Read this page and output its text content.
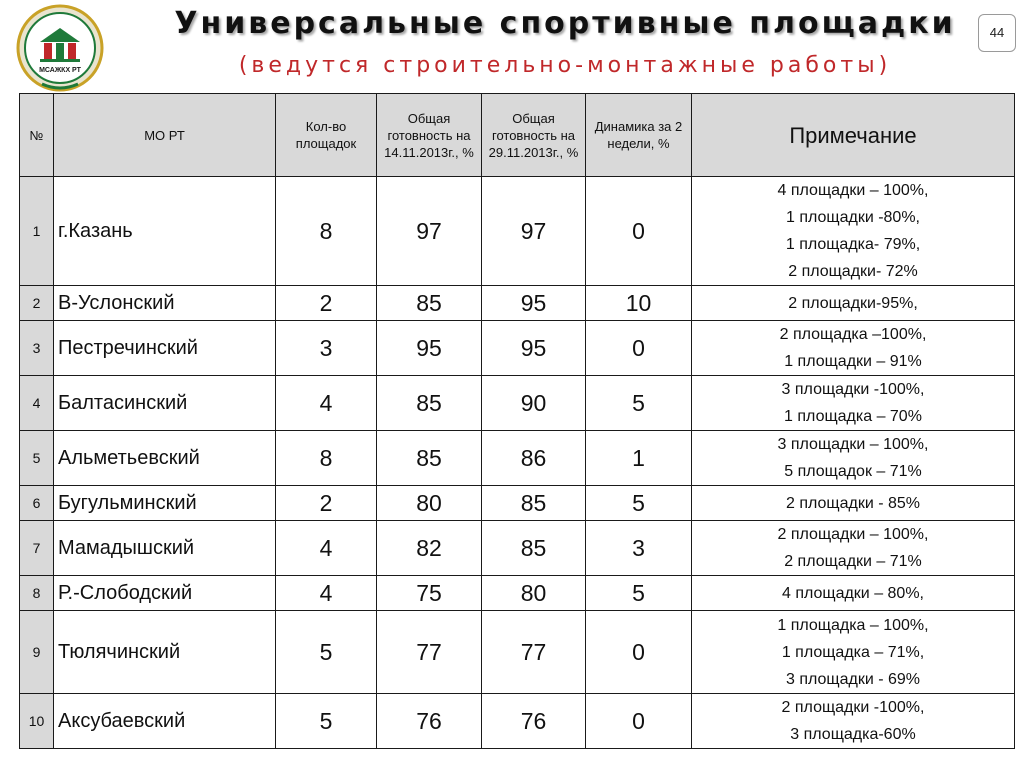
МСАЖКХ РТ
Универсальные спортивные площадки
(ведутся строительно-монтажные работы)
44
№	МО РТ	Кол-во площадок	Общая готовность на 14.11.2013г., %	Общая готовность на 29.11.2013г., %	Динамика за 2 недели, %	Примечание
1	г.Казань	8	97	97	0	4 площадки – 100%,
1 площадки -80%,
1 площадка- 79%,
2 площадки- 72%

2	В-Услонский	2	85	95	10	2 площадки-95%,

3	Пестречинский	3	95	95	0	2 площадка –100%,
1 площадки – 91%

4	Балтасинский	4	85	90	5	3 площадки -100%,
1 площадка – 70%

5	Альметьевский	8	85	86	1	3 площадки – 100%,
5 площадок – 71%

6	Бугульминский	2	80	85	5	2 площадки - 85%

7	Мамадышский	4	82	85	3	2 площадки – 100%,
2 площадки – 71%

8	Р.-Слободский	4	75	80	5	4 площадки – 80%,

9	Тюлячинский	5	77	77	0	1 площадка – 100%,
1 площадка – 71%,
3 площадки - 69%

10	Аксубаевский	5	76	76	0	2 площадки -100%,
3 площадка-60%
